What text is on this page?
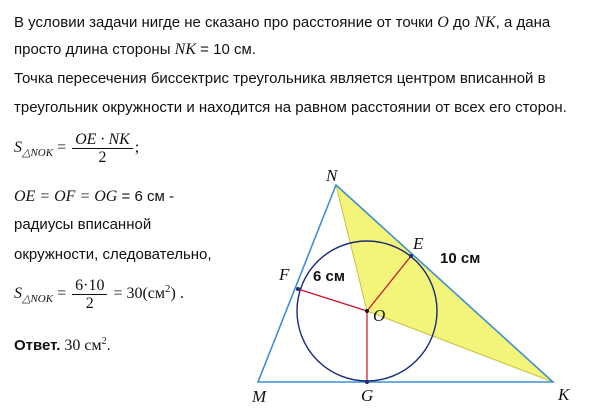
В условии задачи нигде не сказано про расстояние от точки O до NK, а дана
просто длина стороны NK = 10 см.
Точка пересечения биссектрис треугольника является центром вписанной в
треугольник окружности и находится на равном расстоянии от всех его сторон.
$S_{\triangle NOK} = \frac{OE \cdot NK}{2}$ ;
OE = OF = OG = 6 см -
радиусы вписанной
окружности, следовательно,
$S_{\triangle NOK} = \frac{6\cdot 10}{2} = 30(см^2)$ .
Ответ. 30 $см^2$.
N
M	K
G
E
F
O
6 см
10 см
